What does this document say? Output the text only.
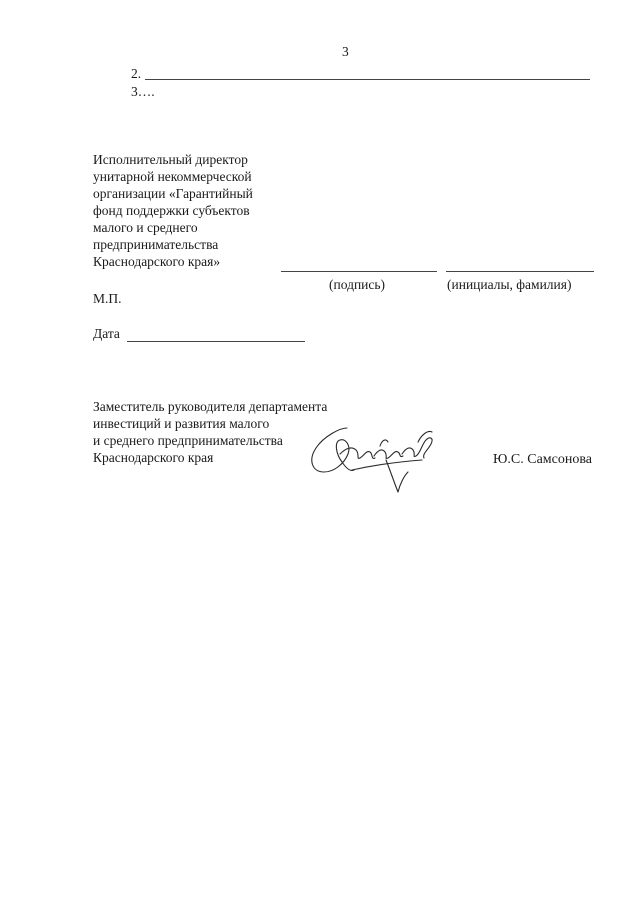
3
2.
3….
Исполнительный директор
унитарной некоммерческой
организации «Гарантийный
фонд поддержки субъектов
малого и среднего
предпринимательства
Краснодарского края»
(подпись)	(инициалы, фамилия)
М.П.
Дата
Заместитель руководителя департамента
инвестиций и развития малого
и среднего предпринимательства
Краснодарского края	Ю.С. Самсонова
